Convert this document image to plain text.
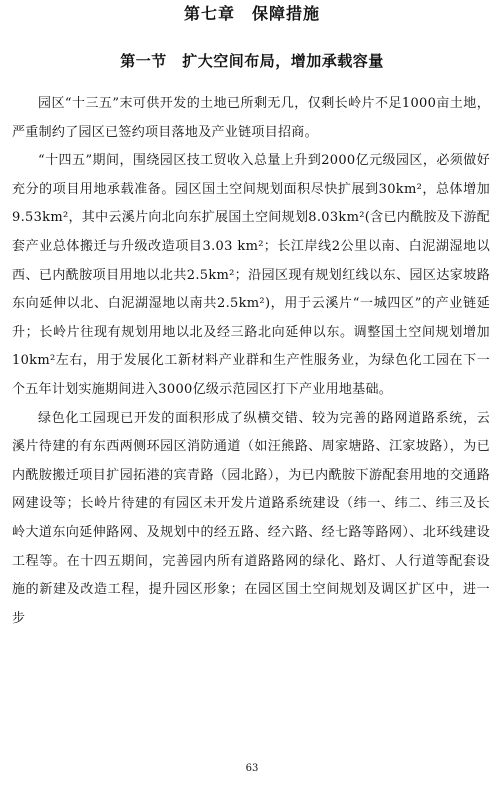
第七章　保障措施
第一节　扩大空间布局，增加承载容量

园区“十三五”末可供开发的土地已所剩无几，仅剩长岭片不足1000亩土地，严重制约了园区已签约项目落地及产业链项目招商。

“十四五”期间，围绕园区技工贸收入总量上升到2000亿元级园区，必须做好充分的项目用地承载准备。园区国土空间规划面积尽快扩展到30km²，总体增加9.53km²，其中云溪片向北向东扩展国土空间规划8.03km²(含已内酰胺及下游配套产业总体搬迁与升级改造项目3.03 km²；长江岸线2公里以南、白泥湖湿地以西、已内酰胺项目用地以北共2.5km²；沿园区现有规划红线以东、园区达家坡路东向延伸以北、白泥湖湿地以南共2.5km²)，用于云溪片“一城四区”的产业链延升；长岭片往现有规划用地以北及经三路北向延伸以东。调整国土空间规划增加10km²左右，用于发展化工新材料产业群和生产性服务业，为绿色化工园在下一个五年计划实施期间进入3000亿级示范园区打下产业用地基础。

绿色化工园现已开发的面积形成了纵横交错、较为完善的路网道路系统，云溪片待建的有东西两侧环园区消防通道（如汪熊路、周家塘路、江家坡路），为已内酰胺搬迁项目扩园拓港的宾青路（园北路），为已内酰胺下游配套用地的交通路网建设等；长岭片待建的有园区未开发片道路系统建设（纬一、纬二、纬三及长岭大道东向延伸路网、及规划中的经五路、经六路、经七路等路网）、北环线建设工程等。在十四五期间，完善园内所有道路路网的绿化、路灯、人行道等配套设施的新建及改造工程，提升园区形象；在园区国土空间规划及调区扩区中，进一步

63
